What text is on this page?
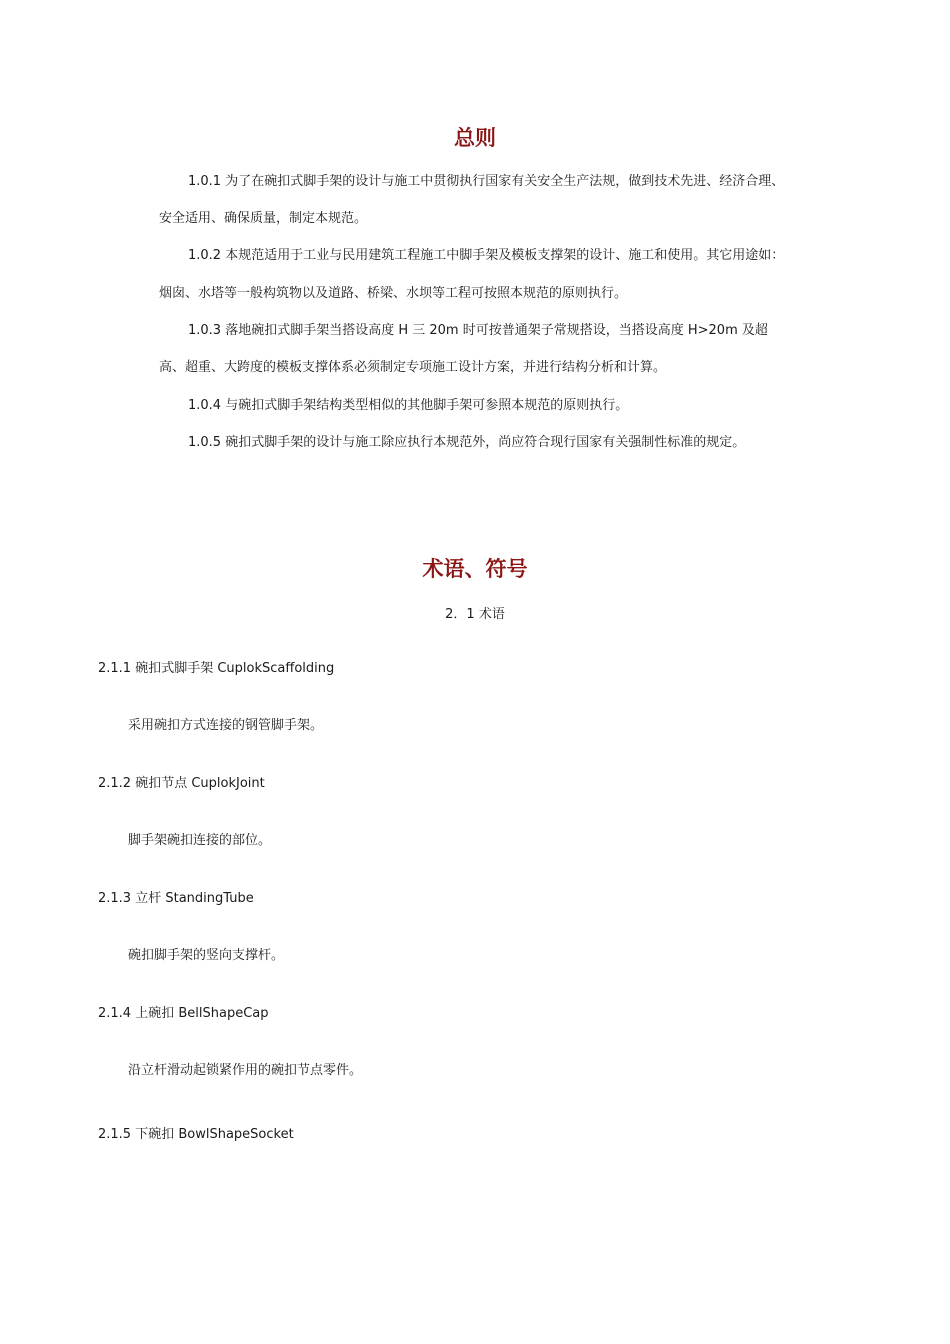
总则

1.0.1 为了在碗扣式脚手架的设计与施工中贯彻执行国家有关安全生产法规，做到技术先进、经济合理、

安全适用、确保质量，制定本规范。

1.0.2 本规范适用于工业与民用建筑工程施工中脚手架及模板支撑架的设计、施工和使用。其它用途如：

烟囱、水塔等一般构筑物以及道路、桥梁、水坝等工程可按照本规范的原则执行。

1.0.3 落地碗扣式脚手架当搭设高度 H 三 20m 时可按普通架子常规搭设，当搭设高度 H>20m 及超

高、超重、大跨度的模板支撑体系必须制定专项施工设计方案，并进行结构分析和计算。

1.0.4 与碗扣式脚手架结构类型相似的其他脚手架可参照本规范的原则执行。

1.0.5 碗扣式脚手架的设计与施工除应执行本规范外，尚应符合现行国家有关强制性标准的规定。

术语、符号

2．1 术语

2.1.1 碗扣式脚手架 CuplokScaffolding

采用碗扣方式连接的钢管脚手架。

2.1.2 碗扣节点 CuplokJoint

脚手架碗扣连接的部位。

2.1.3 立杆 StandingTube

碗扣脚手架的竖向支撑杆。

2.1.4 上碗扣 BellShapeCap

沿立杆滑动起锁紧作用的碗扣节点零件。

2.1.5 下碗扣 BowlShapeSocket
